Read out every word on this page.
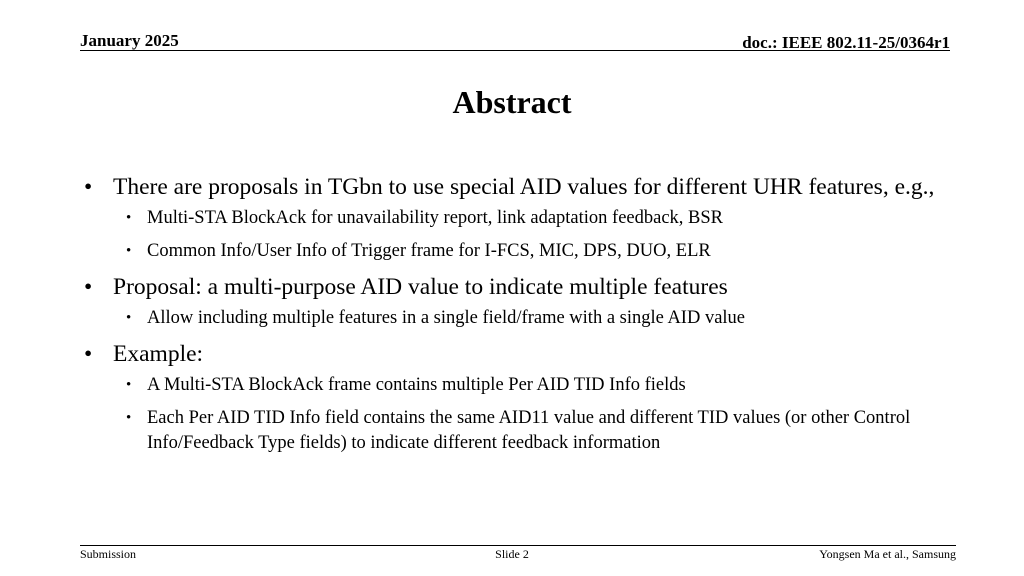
January 2025	doc.: IEEE 802.11-25/0364r1
Abstract
• There are proposals in TGbn to use special AID values for different UHR features, e.g.,
• Multi-STA BlockAck for unavailability report, link adaptation feedback, BSR
• Common Info/User Info of Trigger frame for I-FCS, MIC, DPS, DUO, ELR
• Proposal: a multi-purpose AID value to indicate multiple features
• Allow including multiple features in a single field/frame with a single AID value
• Example:
• A Multi-STA BlockAck frame contains multiple Per AID TID Info fields
• Each Per AID TID Info field contains the same AID11 value and different TID values (or other Control Info/Feedback Type fields) to indicate different feedback information
Submission	Slide 2	Yongsen Ma et al., Samsung
